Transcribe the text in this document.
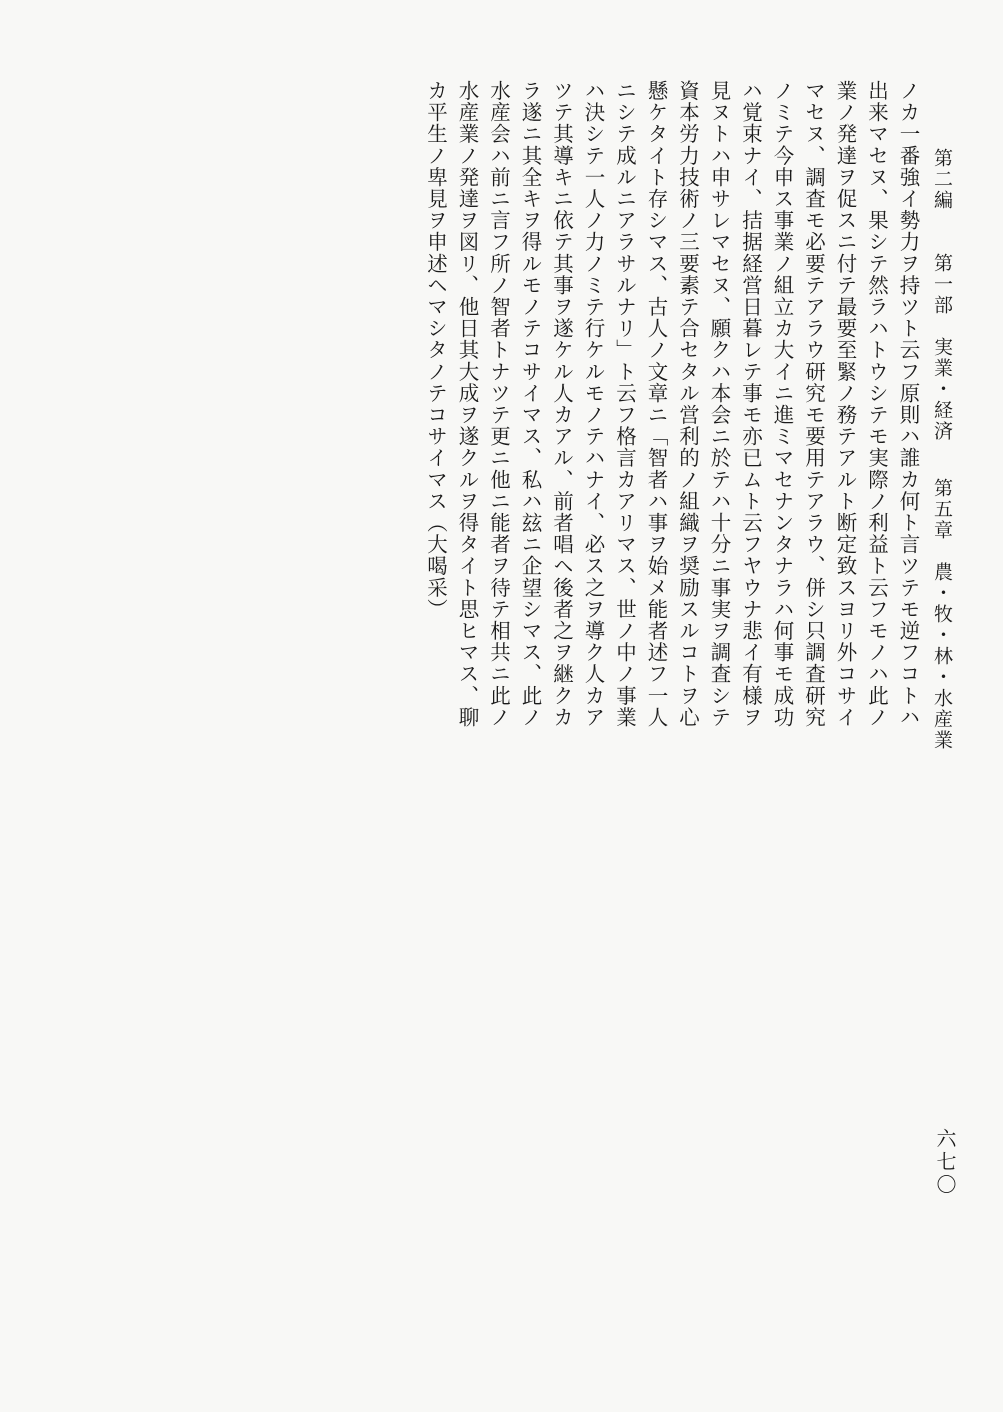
第二編 第一部　実業・経済 第五章　農・牧・林・水産業
ノカ一番強イ勢力ヲ持ツト云フ原則ハ誰カ何ト言ツテモ逆フコトハ
出来マセヌ、果シテ然ラハトウシテモ実際ノ利益ト云フモノハ此ノ
業ノ発達ヲ促スニ付テ最要至緊ノ務テアルト断定致スヨリ外コサイ
マセヌ、調査モ必要テアラウ研究モ要用テアラウ、併シ只調査研究
ノミテ今申ス事業ノ組立カ大イニ進ミマセナンタナラハ何事モ成功
ハ覚束ナイ、拮据経営日暮レテ事モ亦已ムト云フヤウナ悲イ有様ヲ
見ヌトハ申サレマセヌ、願クハ本会ニ於テハ十分ニ事実ヲ調査シテ
資本労力技術ノ三要素テ合セタル営利的ノ組織ヲ奨励スルコトヲ心
懸ケタイト存シマス、古人ノ文章ニ「智者ハ事ヲ始メ能者述フ一人
ニシテ成ルニアラサルナリ」ト云フ格言カアリマス、世ノ中ノ事業
ハ決シテ一人ノ力ノミテ行ケルモノテハナイ、必ス之ヲ導ク人カア
ツテ其導キニ依テ其事ヲ遂ケル人カアル、前者唱ヘ後者之ヲ継クカ
ラ遂ニ其全キヲ得ルモノテコサイマス、私ハ玆ニ企望シマス、此ノ
水産会ハ前ニ言フ所ノ智者トナツテ更ニ他ニ能者ヲ待テ相共ニ此ノ
水産業ノ発達ヲ図リ、他日其大成ヲ遂クルヲ得タイト思ヒマス、聊
カ平生ノ卑見ヲ申述ヘマシタノテコサイマス（大喝采）
六七〇
